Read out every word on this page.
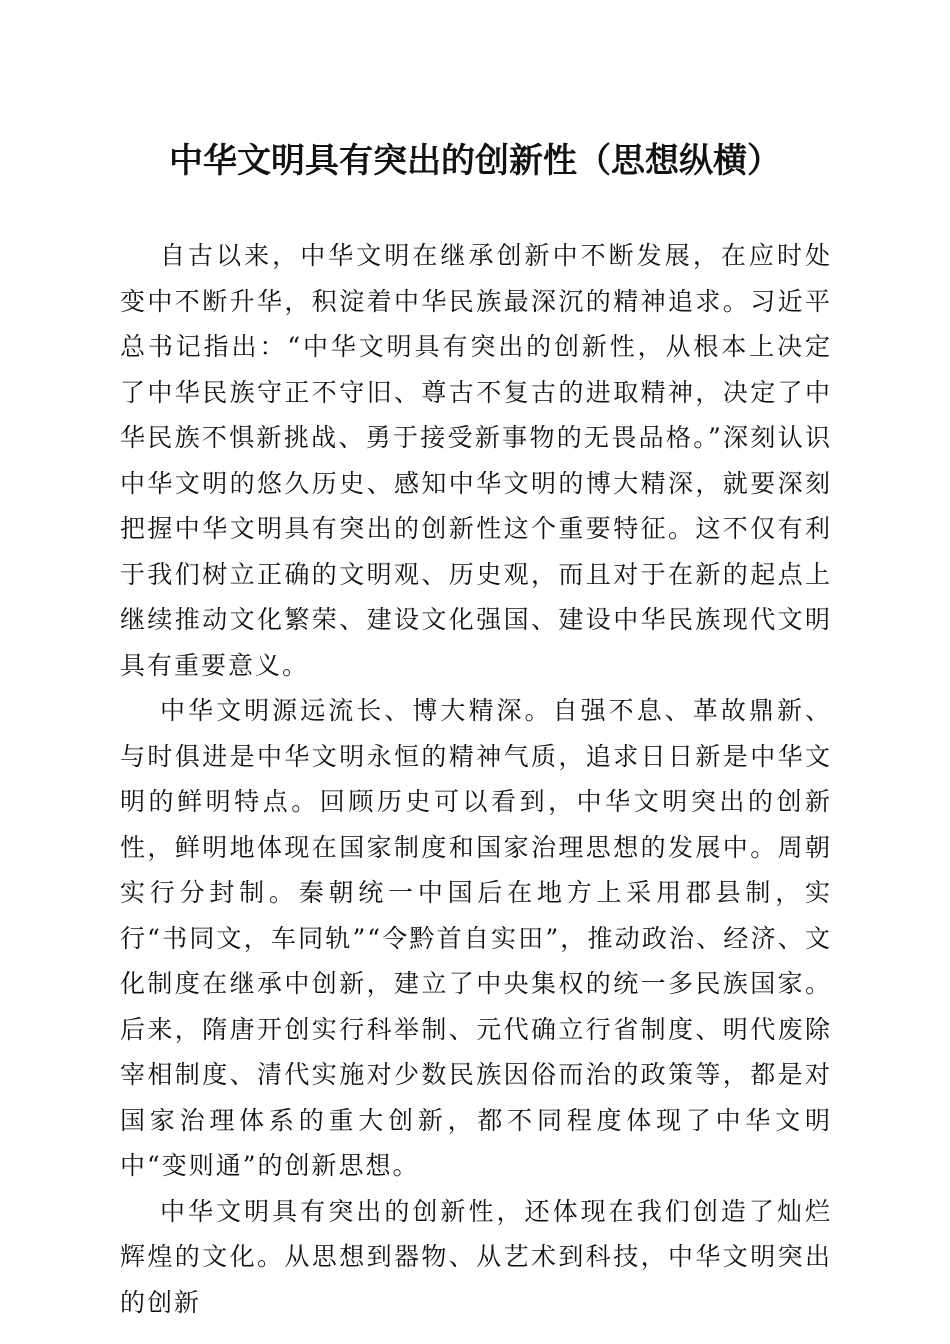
中华文明具有突出的创新性（思想纵横）

自古以来，中华文明在继承创新中不断发展，在应时处变中不断升华，积淀着中华民族最深沉的精神追求。习近平总书记指出：“中华文明具有突出的创新性，从根本上决定了中华民族守正不守旧、尊古不复古的进取精神，决定了中华民族不惧新挑战、勇于接受新事物的无畏品格。”深刻认识中华文明的悠久历史、感知中华文明的博大精深，就要深刻把握中华文明具有突出的创新性这个重要特征。这不仅有利于我们树立正确的文明观、历史观，而且对于在新的起点上继续推动文化繁荣、建设文化强国、建设中华民族现代文明具有重要意义。

中华文明源远流长、博大精深。自强不息、革故鼎新、与时俱进是中华文明永恒的精神气质，追求日日新是中华文明的鲜明特点。回顾历史可以看到，中华文明突出的创新性，鲜明地体现在国家制度和国家治理思想的发展中。周朝实行分封制。秦朝统一中国后在地方上采用郡县制，实行“书同文，车同轨”“令黔首自实田”，推动政治、经济、文化制度在继承中创新，建立了中央集权的统一多民族国家。后来，隋唐开创实行科举制、元代确立行省制度、明代废除宰相制度、清代实施对少数民族因俗而治的政策等，都是对国家治理体系的重大创新，都不同程度体现了中华文明中“变则通”的创新思想。

中华文明具有突出的创新性，还体现在我们创造了灿烂辉煌的文化。从思想到器物、从艺术到科技，中华文明突出的创新
